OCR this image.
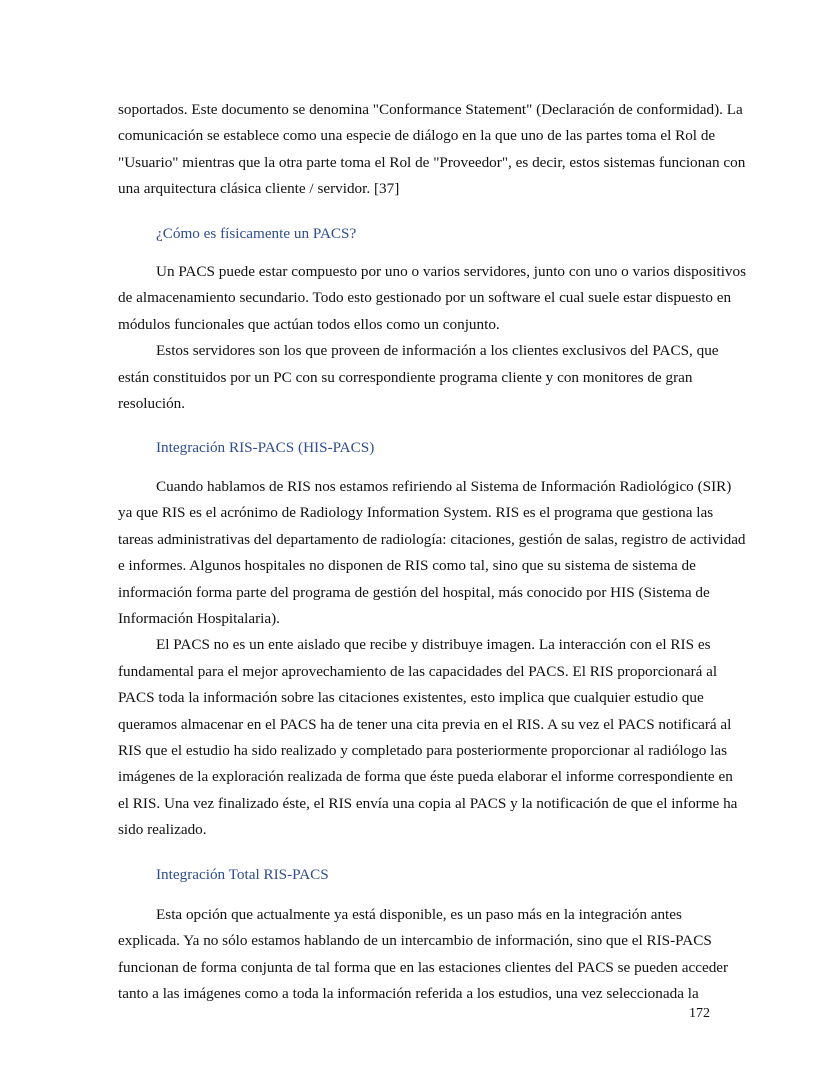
soportados. Este documento se denomina "Conformance Statement" (Declaración de conformidad). La comunicación se establece como una especie de diálogo en la que uno de las partes toma el Rol de "Usuario" mientras que la otra parte toma el Rol de "Proveedor", es decir, estos sistemas funcionan con una arquitectura clásica cliente / servidor. [37]

¿Cómo es físicamente un PACS?

Un PACS puede estar compuesto por uno o varios servidores, junto con uno o varios dispositivos de almacenamiento secundario. Todo esto gestionado por un software el cual suele estar dispuesto en módulos funcionales que actúan todos ellos como un conjunto.

Estos servidores son los que proveen de información a los clientes exclusivos del PACS, que están constituidos por un PC con su correspondiente programa cliente y con monitores de gran resolución.

Integración RIS-PACS (HIS-PACS)

Cuando hablamos de RIS nos estamos refiriendo al Sistema de Información Radiológico (SIR) ya que RIS es el acrónimo de Radiology Information System. RIS es el programa que gestiona las tareas administrativas del departamento de radiología: citaciones, gestión de salas, registro de actividad e informes. Algunos hospitales no disponen de RIS como tal, sino que su sistema de sistema de información forma parte del programa de gestión del hospital, más conocido por HIS (Sistema de Información Hospitalaria).

El PACS no es un ente aislado que recibe y distribuye imagen. La interacción con el RIS es fundamental para el mejor aprovechamiento de las capacidades del PACS. El RIS proporcionará al PACS toda la información sobre las citaciones existentes, esto implica que cualquier estudio que queramos almacenar en el PACS ha de tener una cita previa en el RIS. A su vez el PACS notificará al RIS que el estudio ha sido realizado y completado para posteriormente proporcionar al radiólogo las imágenes de la exploración realizada de forma que éste pueda elaborar el informe correspondiente en el RIS. Una vez finalizado éste, el RIS envía una copia al PACS y la notificación de que el informe ha sido realizado.

Integración Total RIS-PACS

Esta opción que actualmente ya está disponible, es un paso más en la integración antes explicada. Ya no sólo estamos hablando de un intercambio de información, sino que el RIS-PACS funcionan de forma conjunta de tal forma que en las estaciones clientes del PACS se pueden acceder tanto a las imágenes como a toda la información referida a los estudios, una vez seleccionada la

172
